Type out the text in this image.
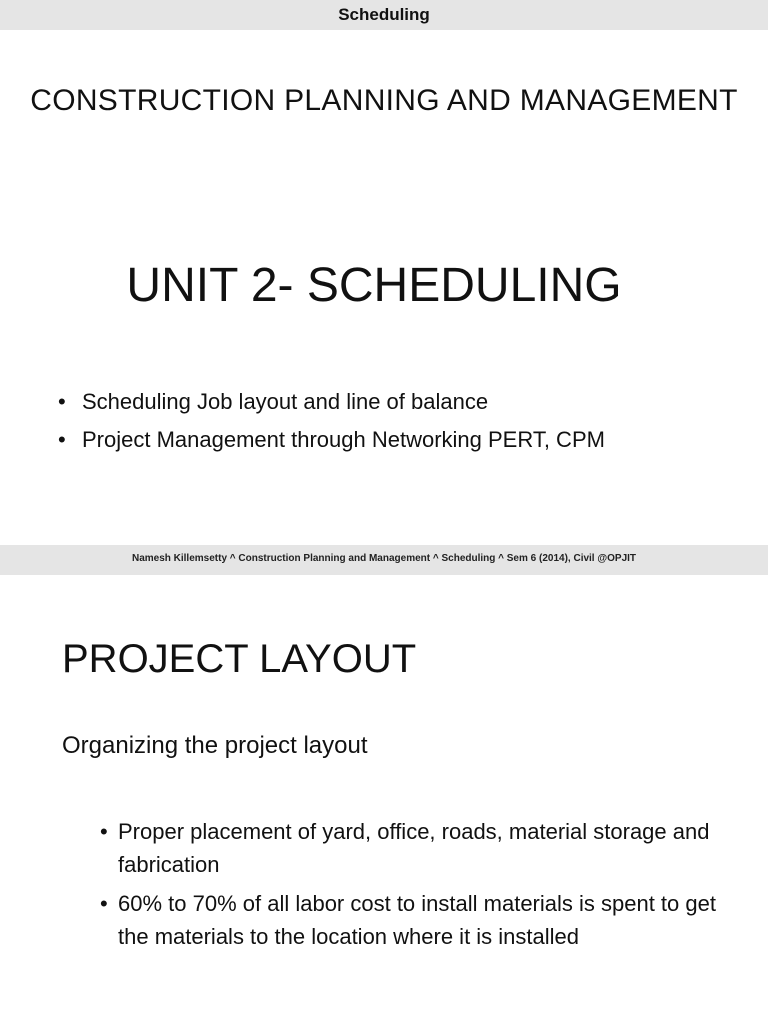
Scheduling
CONSTRUCTION PLANNING AND MANAGEMENT
UNIT 2- SCHEDULING
• Scheduling Job layout and line of balance
• Project Management through Networking PERT, CPM
Namesh Killemsetty ^ Construction Planning and Management ^ Scheduling ^ Sem 6 (2014), Civil @OPJIT
PROJECT LAYOUT
Organizing the project layout
• Proper placement of yard, office, roads, material storage and fabrication
• 60% to 70% of all labor cost to install materials is spent to get the materials to the location where it is installed
